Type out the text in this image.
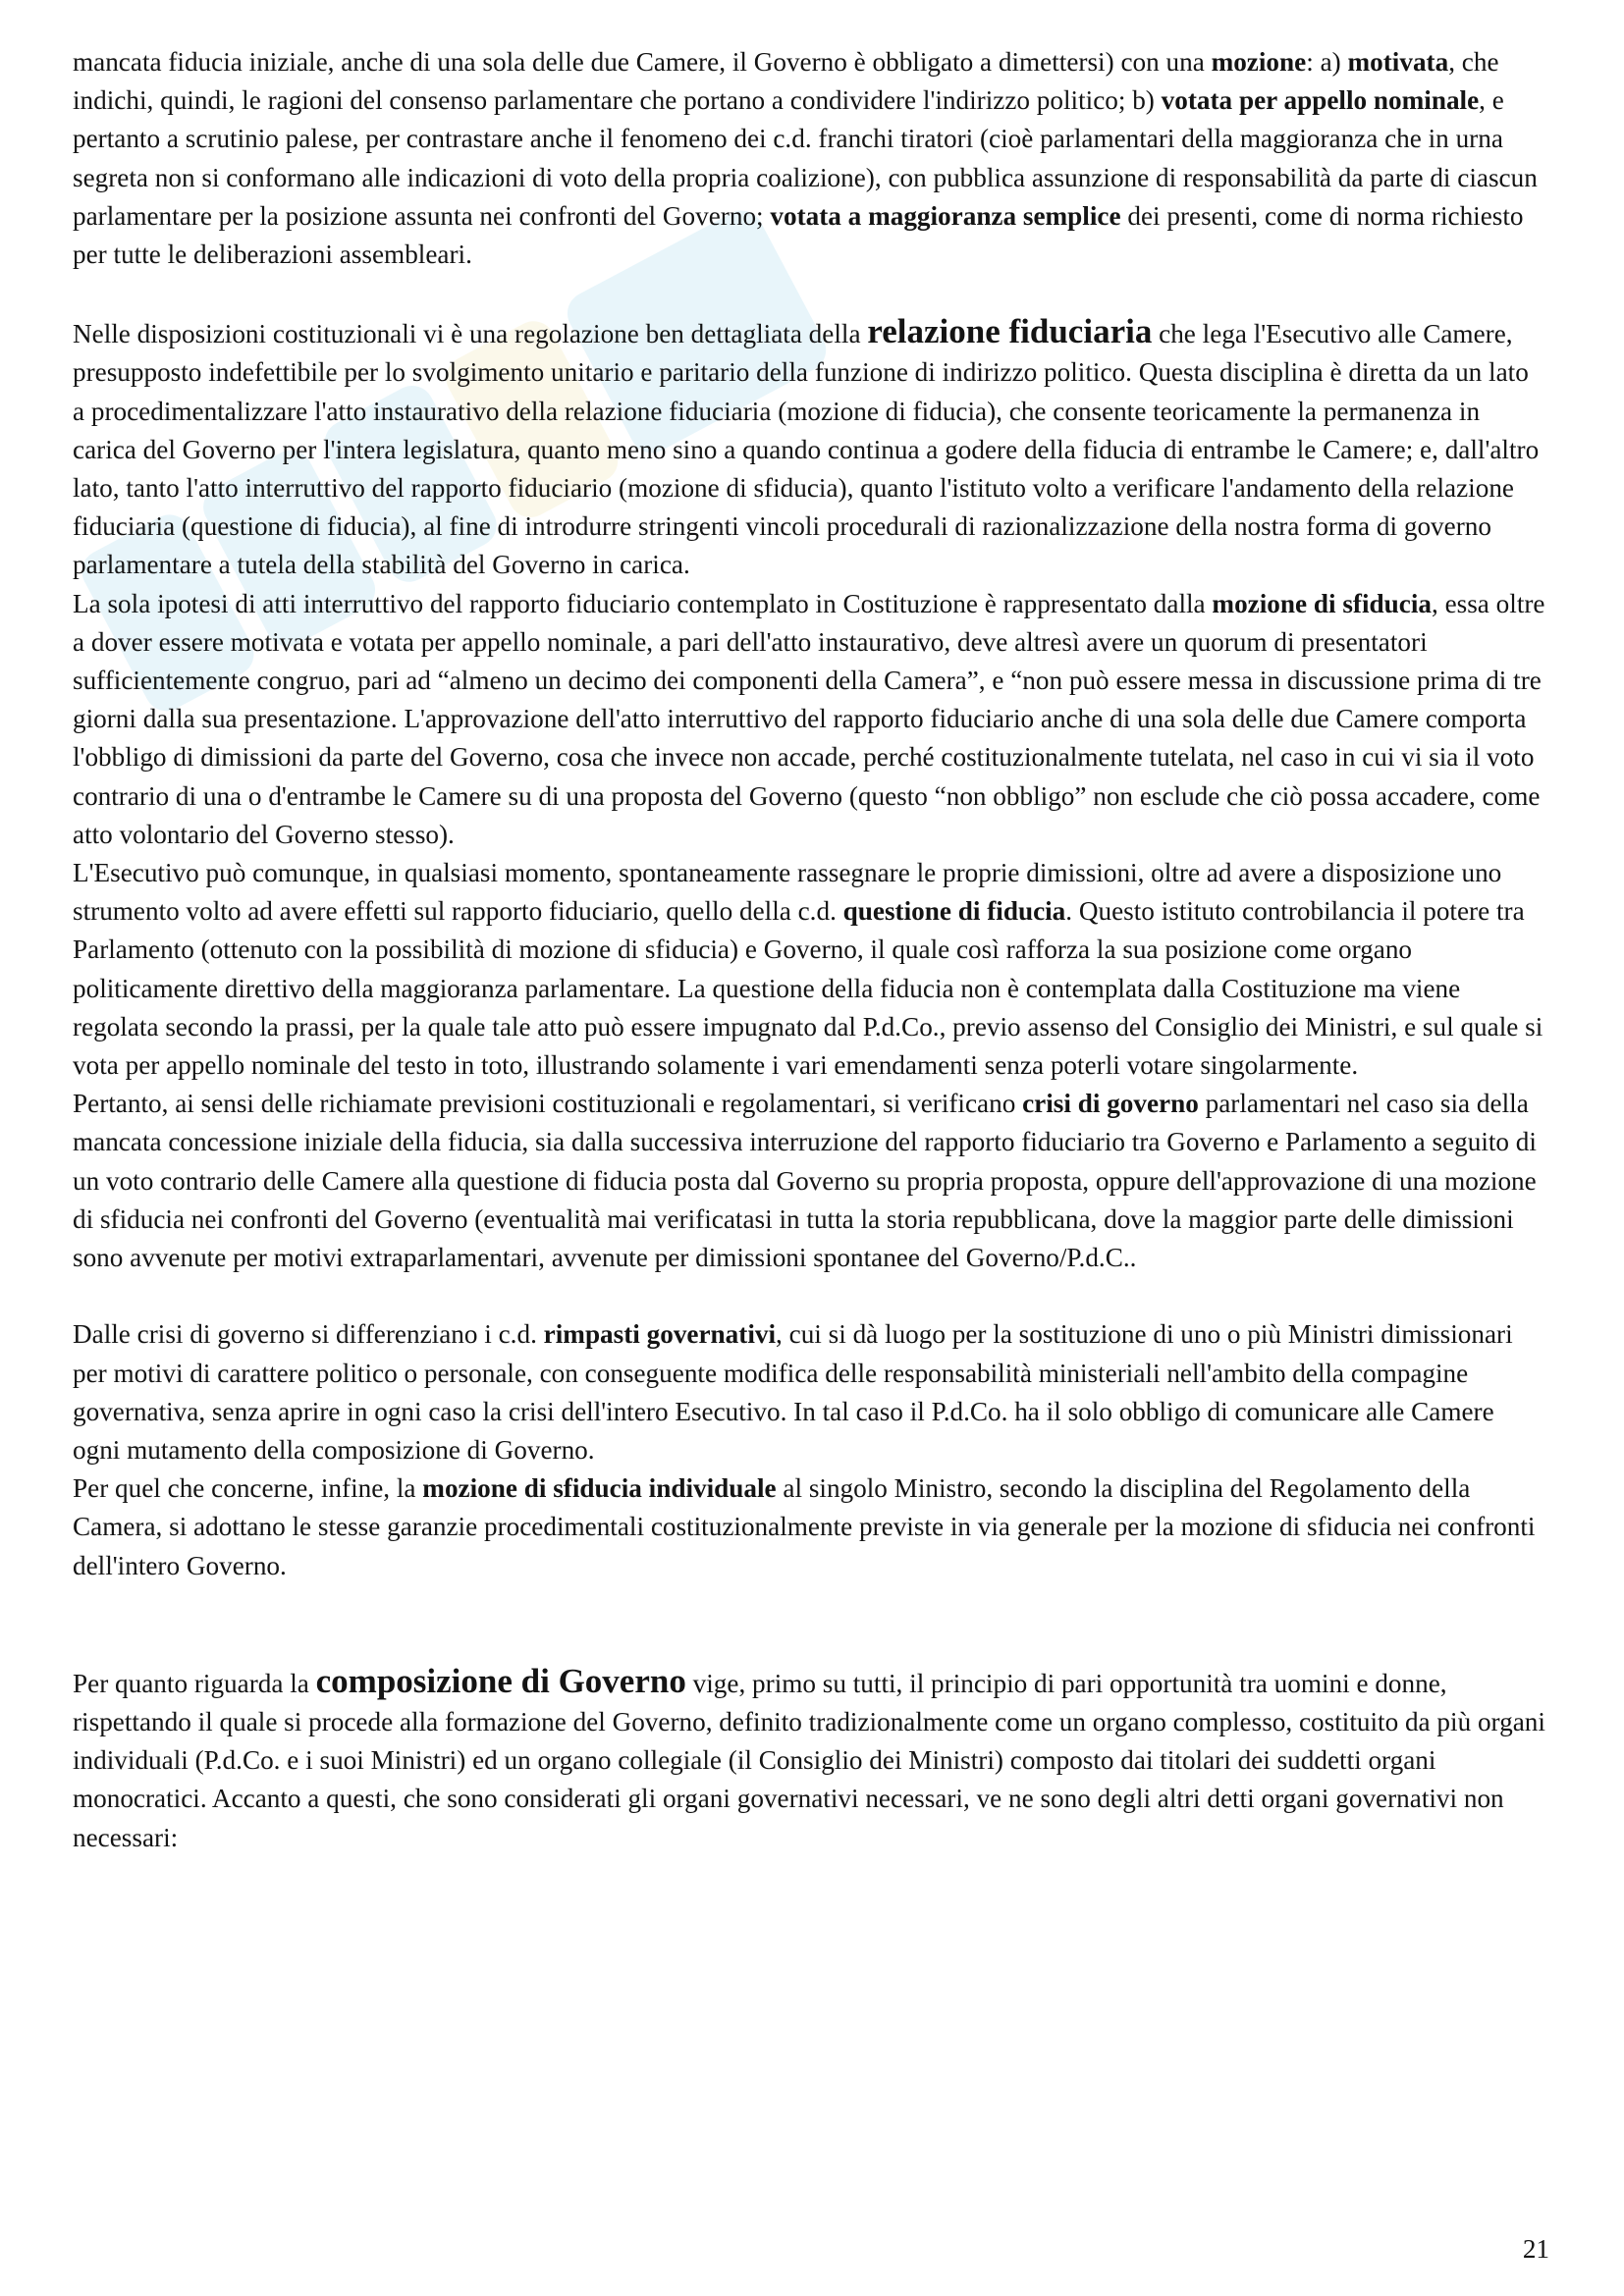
mancata fiducia iniziale, anche di una sola delle due Camere, il Governo è obbligato a dimettersi) con una mozione: a) motivata, che indichi, quindi, le ragioni del consenso parlamentare che portano a condividere l'indirizzo politico; b) votata per appello nominale, e pertanto a scrutinio palese, per contrastare anche il fenomeno dei c.d. franchi tiratori (cioè parlamentari della maggioranza che in urna segreta non si conformano alle indicazioni di voto della propria coalizione), con pubblica assunzione di responsabilità da parte di ciascun parlamentare per la posizione assunta nei confronti del Governo; votata a maggioranza semplice dei presenti, come di norma richiesto per tutte le deliberazioni assembleari.

Nelle disposizioni costituzionali vi è una regolazione ben dettagliata della relazione fiduciaria che lega l'Esecutivo alle Camere, presupposto indefettibile per lo svolgimento unitario e paritario della funzione di indirizzo politico. Questa disciplina è diretta da un lato a procedimentalizzare l'atto instaurativo della relazione fiduciaria (mozione di fiducia), che consente teoricamente la permanenza in carica del Governo per l'intera legislatura, quanto meno sino a quando continua a godere della fiducia di entrambe le Camere; e, dall'altro lato, tanto l'atto interruttivo del rapporto fiduciario (mozione di sfiducia), quanto l'istituto volto a verificare l'andamento della relazione fiduciaria (questione di fiducia), al fine di introdurre stringenti vincoli procedurali di razionalizzazione della nostra forma di governo parlamentare a tutela della stabilità del Governo in carica.

La sola ipotesi di atti interruttivo del rapporto fiduciario contemplato in Costituzione è rappresentato dalla mozione di sfiducia, essa oltre a dover essere motivata e votata per appello nominale, a pari dell'atto instaurativo, deve altresì avere un quorum di presentatori sufficientemente congruo, pari ad “almeno un decimo dei componenti della Camera”, e “non può essere messa in discussione prima di tre giorni dalla sua presentazione. L'approvazione dell'atto interruttivo del rapporto fiduciario anche di una sola delle due Camere comporta l'obbligo di dimissioni da parte del Governo, cosa che invece non accade, perché costituzionalmente tutelata, nel caso in cui vi sia il voto contrario di una o d'entrambe le Camere su di una proposta del Governo (questo “non obbligo” non esclude che ciò possa accadere, come atto volontario del Governo stesso).

L'Esecutivo può comunque, in qualsiasi momento, spontaneamente rassegnare le proprie dimissioni, oltre ad avere a disposizione uno strumento volto ad avere effetti sul rapporto fiduciario, quello della c.d. questione di fiducia. Questo istituto controbilancia il potere tra Parlamento (ottenuto con la possibilità di mozione di sfiducia) e Governo, il quale così rafforza la sua posizione come organo politicamente direttivo della maggioranza parlamentare. La questione della fiducia non è contemplata dalla Costituzione ma viene regolata secondo la prassi, per la quale tale atto può essere impugnato dal P.d.Co., previo assenso del Consiglio dei Ministri, e sul quale si vota per appello nominale del testo in toto, illustrando solamente i vari emendamenti senza poterli votare singolarmente.

Pertanto, ai sensi delle richiamate previsioni costituzionali e regolamentari, si verificano crisi di governo parlamentari nel caso sia della mancata concessione iniziale della fiducia, sia dalla successiva interruzione del rapporto fiduciario tra Governo e Parlamento a seguito di un voto contrario delle Camere alla questione di fiducia posta dal Governo su propria proposta, oppure dell'approvazione di una mozione di sfiducia nei confronti del Governo (eventualità mai verificatasi in tutta la storia repubblicana, dove la maggior parte delle dimissioni sono avvenute per motivi extraparlamentari, avvenute per dimissioni spontanee del Governo/P.d.C..

Dalle crisi di governo si differenziano i c.d. rimpasti governativi, cui si dà luogo per la sostituzione di uno o più Ministri dimissionari per motivi di carattere politico o personale, con conseguente modifica delle responsabilità ministeriali nell'ambito della compagine governativa, senza aprire in ogni caso la crisi dell'intero Esecutivo. In tal caso il P.d.Co. ha il solo obbligo di comunicare alle Camere ogni mutamento della composizione di Governo.

Per quel che concerne, infine, la mozione di sfiducia individuale al singolo Ministro, secondo la disciplina del Regolamento della Camera, si adottano le stesse garanzie procedimentali costituzionalmente previste in via generale per la mozione di sfiducia nei confronti dell'intero Governo.

Per quanto riguarda la composizione di Governo vige, primo su tutti, il principio di pari opportunità tra uomini e donne, rispettando il quale si procede alla formazione del Governo, definito tradizionalmente come un organo complesso, costituito da più organi individuali (P.d.Co. e i suoi Ministri) ed un organo collegiale (il Consiglio dei Ministri) composto dai titolari dei suddetti organi monocratici. Accanto a questi, che sono considerati gli organi governativi necessari, ve ne sono degli altri detti organi governativi non necessari:

21
